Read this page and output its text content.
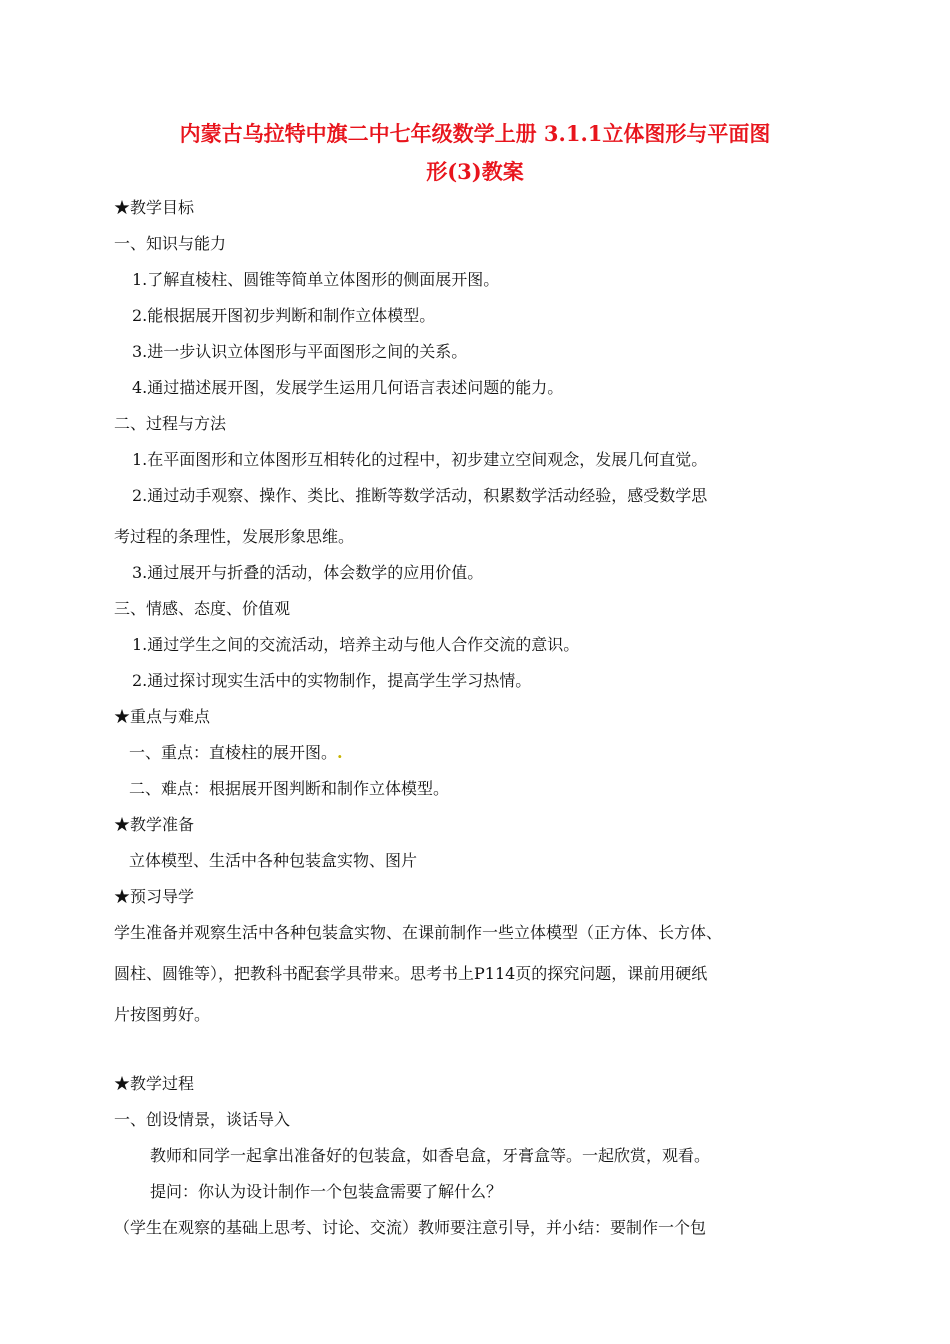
内蒙古乌拉特中旗二中七年级数学上册 3.1.1立体图形与平面图
形(3)教案
★教学目标
一、知识与能力
1.了解直棱柱、圆锥等简单立体图形的侧面展开图。
2.能根据展开图初步判断和制作立体模型。
3.进一步认识立体图形与平面图形之间的关系。
4.通过描述展开图，发展学生运用几何语言表述问题的能力。
二、过程与方法
1.在平面图形和立体图形互相转化的过程中，初步建立空间观念，发展几何直觉。
2.通过动手观察、操作、类比、推断等数学活动，积累数学活动经验，感受数学思
考过程的条理性，发展形象思维。
3.通过展开与折叠的活动，体会数学的应用价值。
三、情感、态度、价值观
1.通过学生之间的交流活动，培养主动与他人合作交流的意识。
2.通过探讨现实生活中的实物制作，提高学生学习热情。
★重点与难点
一、重点：直棱柱的展开图。.
二、难点：根据展开图判断和制作立体模型。
★教学准备
立体模型、生活中各种包装盒实物、图片
★预习导学
学生准备并观察生活中各种包装盒实物、在课前制作一些立体模型（正方体、长方体、
圆柱、圆锥等），把教科书配套学具带来。思考书上P114页的探究问题，课前用硬纸
片按图剪好。
★教学过程
一、创设情景，谈话导入
教师和同学一起拿出准备好的包装盒，如香皂盒，牙膏盒等。一起欣赏，观看。
提问：你认为设计制作一个包装盒需要了解什么？
（学生在观察的基础上思考、讨论、交流）教师要注意引导，并小结：要制作一个包
